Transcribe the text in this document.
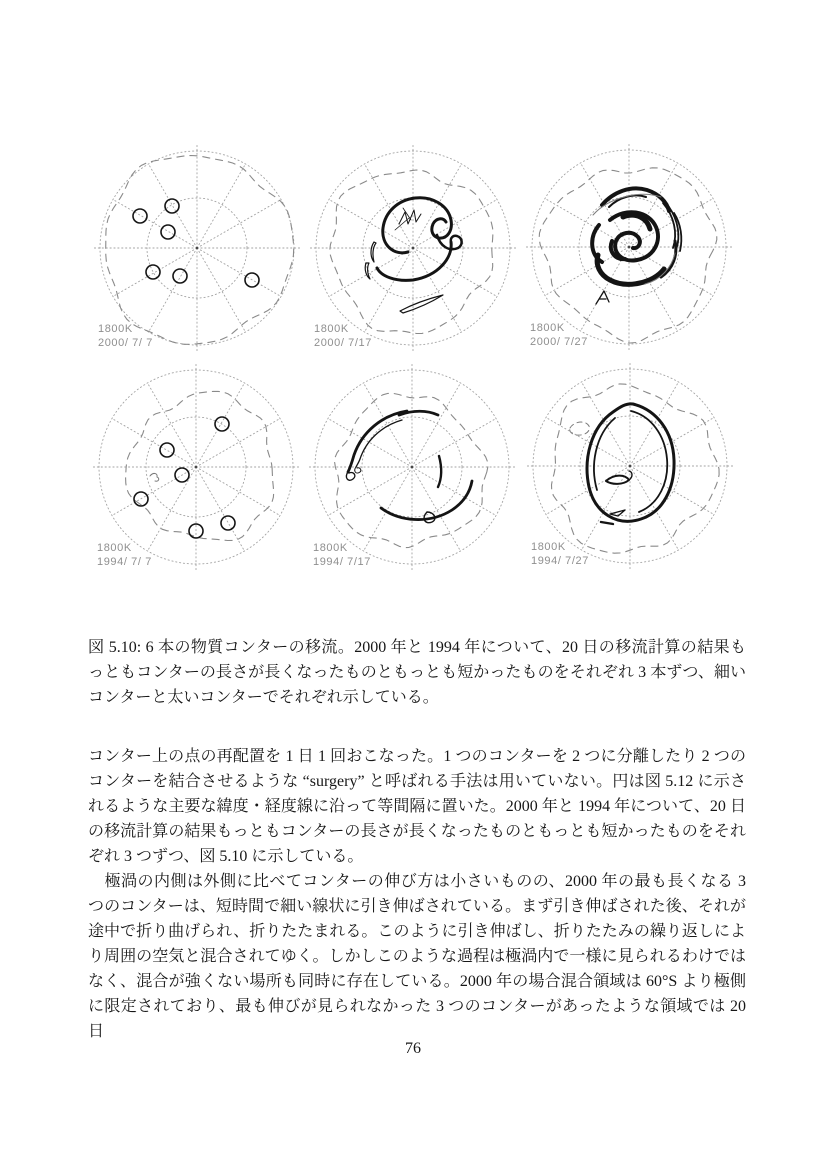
1800K
2000/ 7/ 7
1800K
2000/ 7/17
1800K
2000/ 7/27
1800K
1994/ 7/ 7
1800K
1994/ 7/17
1800K
1994/ 7/27

図 5.10: 6 本の物質コンターの移流。2000 年と 1994 年について、20 日の移流計算の結果もっともコンターの長さが長くなったものともっとも短かったものをそれぞれ 3 本ずつ、細いコンターと太いコンターでそれぞれ示している。

コンター上の点の再配置を 1 日 1 回おこなった。1 つのコンターを 2 つに分離したり 2 つのコンターを結合させるような “surgery” と呼ばれる手法は用いていない。円は図 5.12 に示されるような主要な緯度・経度線に沿って等間隔に置いた。2000 年と 1994 年について、20 日の移流計算の結果もっともコンターの長さが長くなったものともっとも短かったものをそれぞれ 3 つずつ、図 5.10 に示している。

　極渦の内側は外側に比べてコンターの伸び方は小さいものの、2000 年の最も長くなる 3 つのコンターは、短時間で細い線状に引き伸ばされている。まず引き伸ばされた後、それが途中で折り曲げられ、折りたたまれる。このように引き伸ばし、折りたたみの繰り返しにより周囲の空気と混合されてゆく。しかしこのような過程は極渦内で一様に見られるわけではなく、混合が強くない場所も同時に存在している。2000 年の場合混合領域は 60°S より極側に限定されており、最も伸びが見られなかった 3 つのコンターがあったような領域では 20 日

76
